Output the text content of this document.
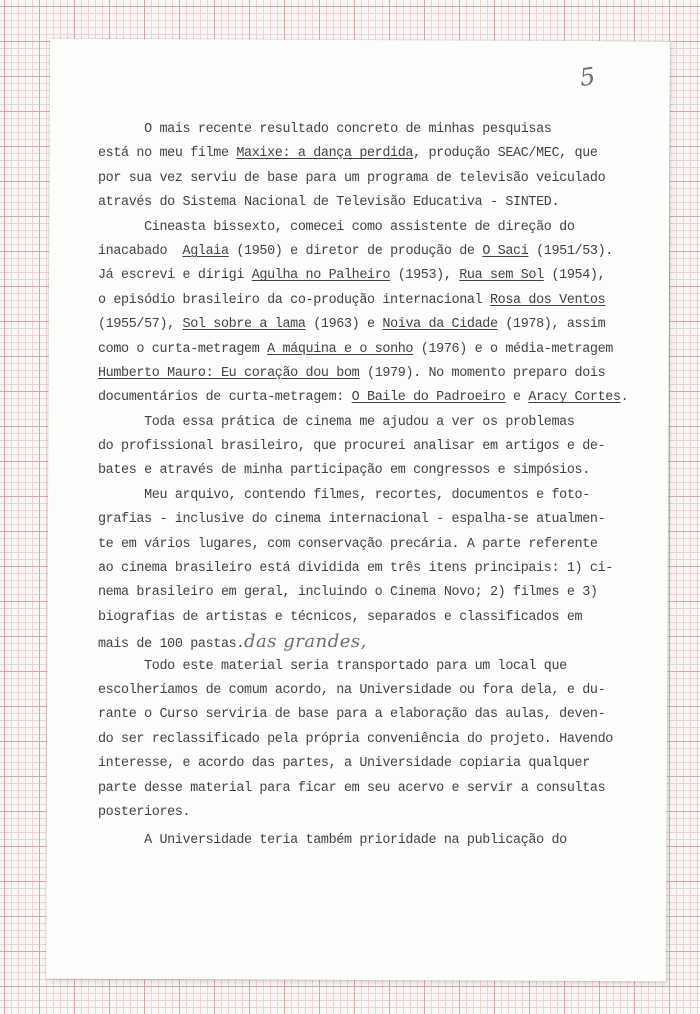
5
O mais recente resultado concreto de minhas pesquisas
está no meu filme Maxixe: a dança perdida, produção SEAC/MEC, que
por sua vez serviu de base para um programa de televisão veiculado
através do Sistema Nacional de Televisão Educativa - SINTED.
Cineasta bissexto, comecei como assistente de direção do
inacabado  Aglaia (1950) e diretor de produção de O Saci (1951/53).
Já escrevi e dirigi Agulha no Palheiro (1953), Rua sem Sol (1954),
o episódio brasileiro da co-produção internacional Rosa dos Ventos
(1955/57), Sol sobre a lama (1963) e Noiva da Cidade (1978), assim
como o curta-metragem A máquina e o sonho (1976) e o média-metragem
Humberto Mauro: Eu coração dou bom (1979). No momento preparo dois
documentários de curta-metragem: O Baile do Padroeiro e Aracy Cortes.
Toda essa prática de cinema me ajudou a ver os problemas
do profissional brasileiro, que procurei analisar em artigos e de-
bates e através de minha participação em congressos e simpósios.
Meu arquivo, contendo filmes, recortes, documentos e foto-
grafias - inclusive do cinema internacional - espalha-se atualmen-
te em vários lugares, com conservação precária. A parte referente
ao cinema brasileiro está dividida em três itens principais: 1) ci-
nema brasileiro em geral, incluindo o Cinema Novo; 2) filmes e 3)
biografias de artistas e técnicos, separados e classificados em
mais de 100 pastas.das grandes,
Todo este material seria transportado para um local que
escolheríamos de comum acordo, na Universidade ou fora dela, e du-
rante o Curso serviria de base para a elaboração das aulas, deven-
do ser reclassificado pela própria conveniência do projeto. Havendo
interesse, e acordo das partes, a Universidade copiaria qualquer
parte desse material para ficar em seu acervo e servir a consultas
posteriores.
A Universidade teria também prioridade na publicação do
